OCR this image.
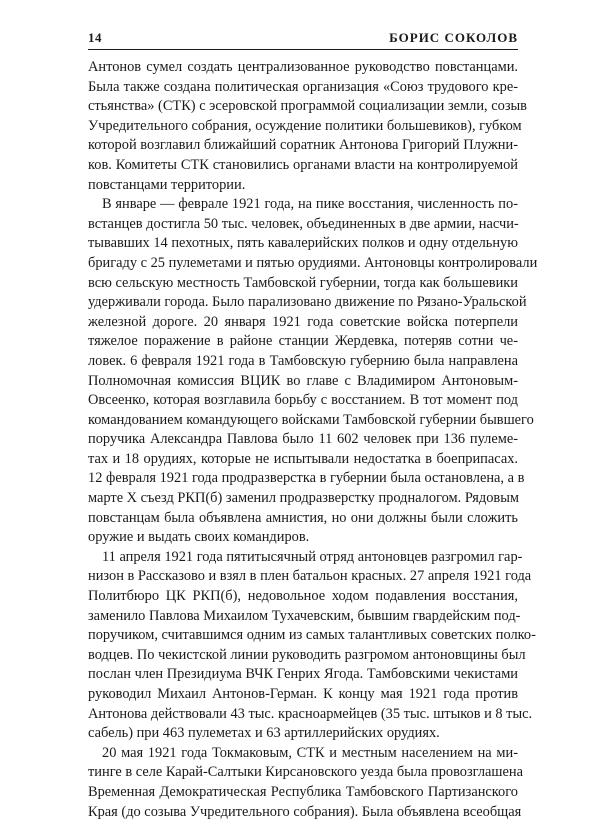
14	БОРИС СОКОЛОВ
Антонов сумел создать централизованное руководство повстанцами.
Была также создана политическая организация «Союз трудового кре-
стьянства» (СТК) с эсеровской программой социализации земли, созыв
Учредительного собрания, осуждение политики большевиков), губком
которой возглавил ближайший соратник Антонова Григорий Плужни-
ков. Комитеты СТК становились органами власти на контролируемой
повстанцами территории.
В январе — феврале 1921 года, на пике восстания, численность по-
встанцев достигла 50 тыс. человек, объединенных в две армии, насчи-
тывавших 14 пехотных, пять кавалерийских полков и одну отдельную
бригаду с 25 пулеметами и пятью орудиями. Антоновцы контролировали
всю сельскую местность Тамбовской губернии, тогда как большевики
удерживали города. Было парализовано движение по Рязано-Уральской
железной дороге. 20 января 1921 года советские войска потерпели
тяжелое поражение в районе станции Жердевка, потеряв сотни че-
ловек. 6 февраля 1921 года в Тамбовскую губернию была направлена
Полномочная комиссия ВЦИК во главе с Владимиром Антоновым-
Овсеенко, которая возглавила борьбу с восстанием. В тот момент под
командованием командующего войсками Тамбовской губернии бывшего
поручика Александра Павлова было 11 602 человек при 136 пулеме-
тах и 18 орудиях, которые не испытывали недостатка в боеприпасах.
12 февраля 1921 года продразверстка в губернии была остановлена, а в
марте X съезд РКП(б) заменил продразверстку продналогом. Рядовым
повстанцам была объявлена амнистия, но они должны были сложить
оружие и выдать своих командиров.
11 апреля 1921 года пятитысячный отряд антоновцев разгромил гар-
низон в Рассказово и взял в плен батальон красных. 27 апреля 1921 года
Политбюро ЦК РКП(б), недовольное ходом подавления восстания,
заменило Павлова Михаилом Тухачевским, бывшим гвардейским под-
поручиком, считавшимся одним из самых талантливых советских полко-
водцев. По чекистской линии руководить разгромом антоновщины был
послан член Президиума ВЧК Генрих Ягода. Тамбовскими чекистами
руководил Михаил Антонов-Герман. К концу мая 1921 года против
Антонова действовали 43 тыс. красноармейцев (35 тыс. штыков и 8 тыс.
сабель) при 463 пулеметах и 63 артиллерийских орудиях.
20 мая 1921 года Токмаковым, СТК и местным населением на ми-
тинге в селе Карай-Салтыки Кирсановского уезда была провозглашена
Временная Демократическая Республика Тамбовского Партизанского
Края (до созыва Учредительного собрания). Была объявлена всеобщая
